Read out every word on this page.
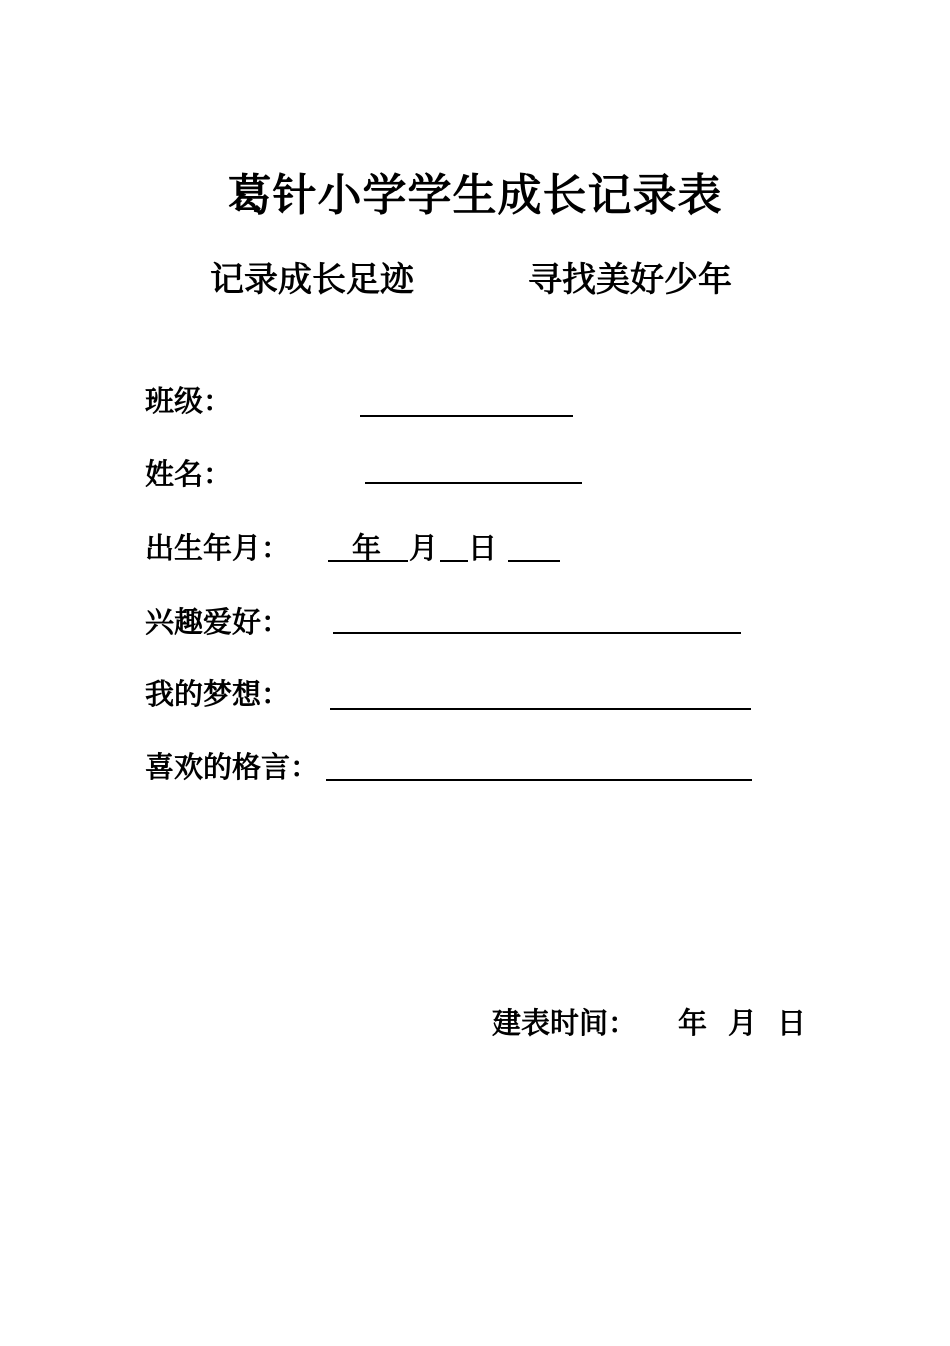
葛针小学学生成长记录表
记录成长足迹	寻找美好少年
班级：
姓名：
出生年月： 年 月 日
兴趣爱好：
我的梦想：
喜欢的格言：
建表时间： 年 月 日
